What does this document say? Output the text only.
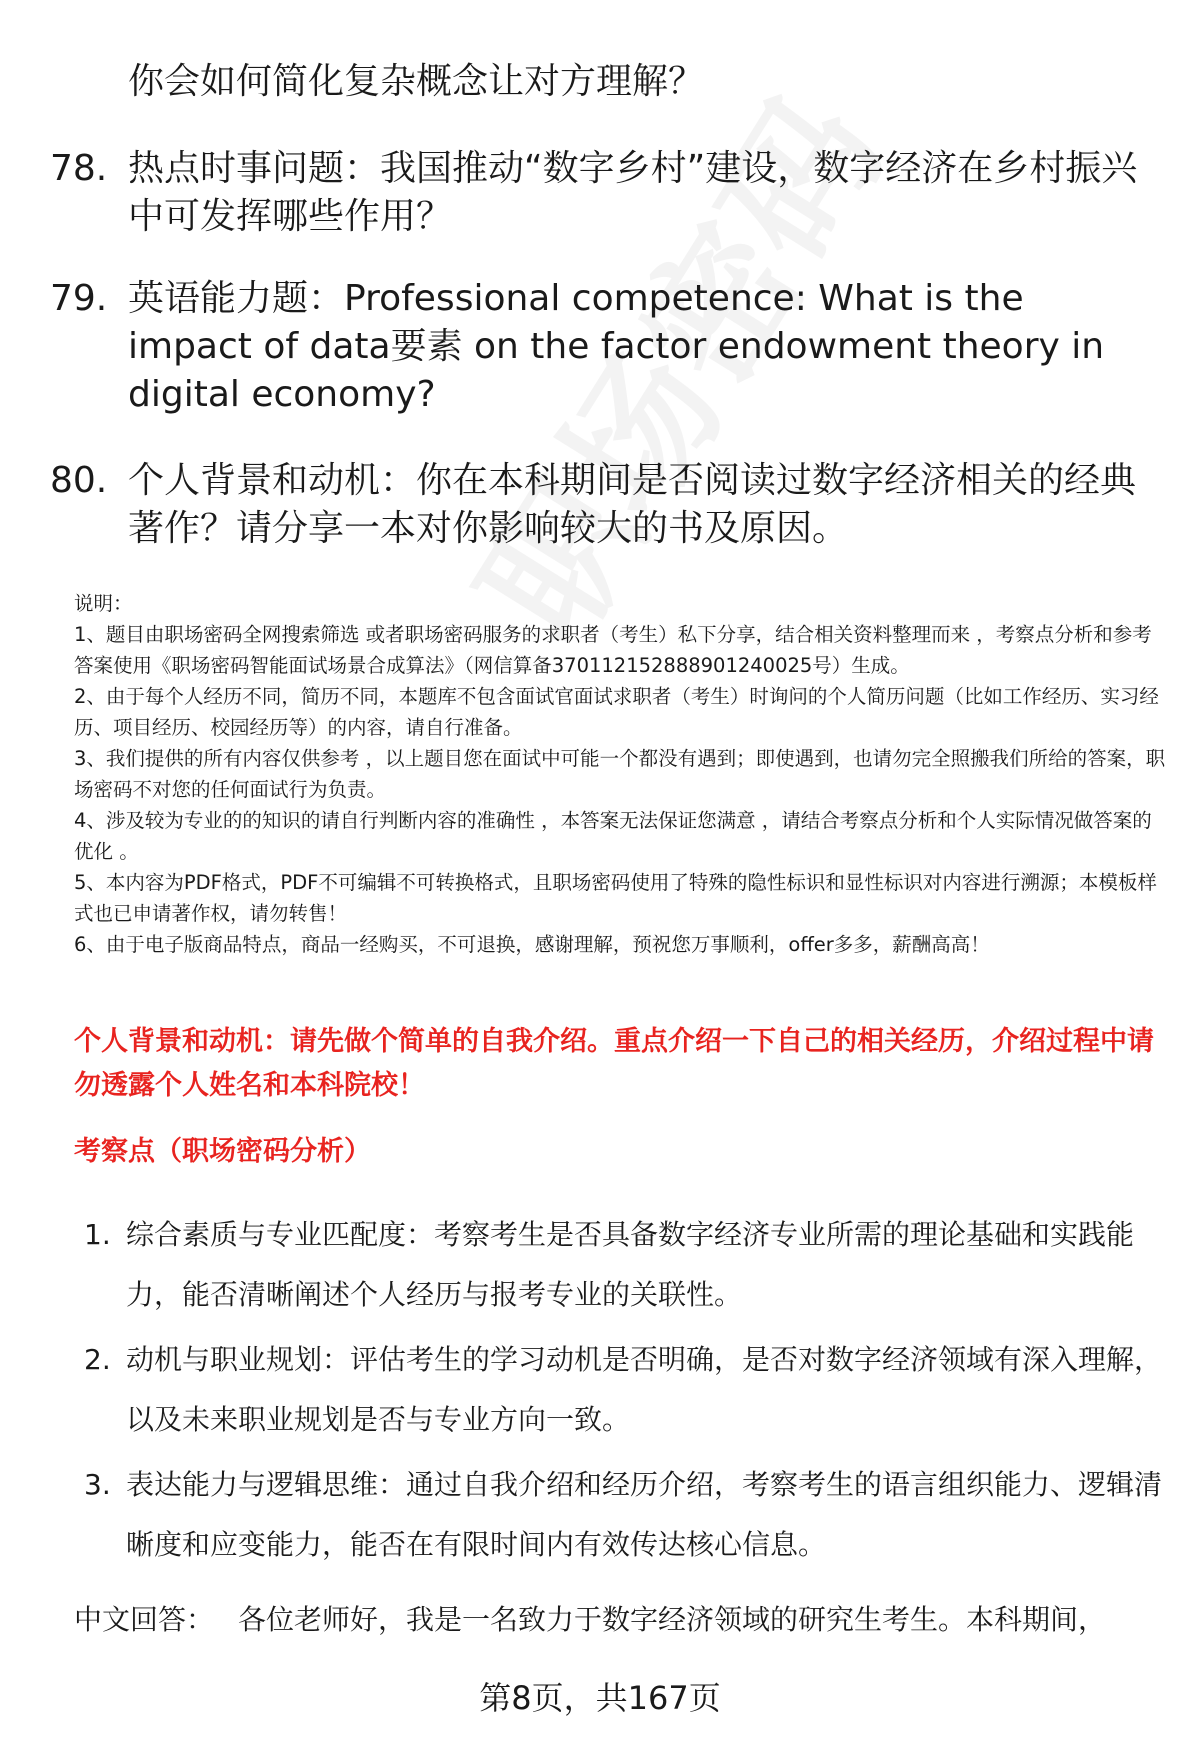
你会如何简化复杂概念让对方理解？
78. 热点时事问题：我国推动“数字乡村”建设，数字经济在乡村振兴中可发挥哪些作用？
79. 英语能力题：Professional competence: What is the impact of data要素 on the factor endowment theory in digital economy?
80. 个人背景和动机：你在本科期间是否阅读过数字经济相关的经典著作？请分享一本对你影响较大的书及原因。
说明：
1、题目由职场密码全网搜索筛选 或者职场密码服务的求职者（考生）私下分享，结合相关资料整理而来 ，考察点分析和参考答案使用《职场密码智能面试场景合成算法》（网信算备370112152888901240025号）生成。
2、由于每个人经历不同，简历不同，本题库不包含面试官面试求职者（考生）时询问的个人简历问题（比如工作经历、实习经历、项目经历、校园经历等）的内容，请自行准备。
3、我们提供的所有内容仅供参考 ，以上题目您在面试中可能一个都没有遇到；即使遇到，也请勿完全照搬我们所给的答案，职场密码不对您的任何面试行为负责。
4、涉及较为专业的的知识的请自行判断内容的准确性 ，本答案无法保证您满意 ，请结合考察点分析和个人实际情况做答案的优化 。
5、本内容为PDF格式，PDF不可编辑不可转换格式，且职场密码使用了特殊的隐性标识和显性标识对内容进行溯源；本模板样式也已申请著作权，请勿转售！
6、由于电子版商品特点，商品一经购买，不可退换，感谢理解，预祝您万事顺利，offer多多，薪酬高高！
个人背景和动机：请先做个简单的自我介绍。重点介绍一下自己的相关经历，介绍过程中请勿透露个人姓名和本科院校！
考察点（职场密码分析）
1. 综合素质与专业匹配度：考察考生是否具备数字经济专业所需的理论基础和实践能力，能否清晰阐述个人经历与报考专业的关联性。
2. 动机与职业规划：评估考生的学习动机是否明确，是否对数字经济领域有深入理解，以及未来职业规划是否与专业方向一致。
3. 表达能力与逻辑思维：通过自我介绍和经历介绍，考察考生的语言组织能力、逻辑清晰度和应变能力，能否在有限时间内有效传达核心信息。
中文回答： 各位老师好，我是一名致力于数字经济领域的研究生考生。本科期间，
第8页，共167页
